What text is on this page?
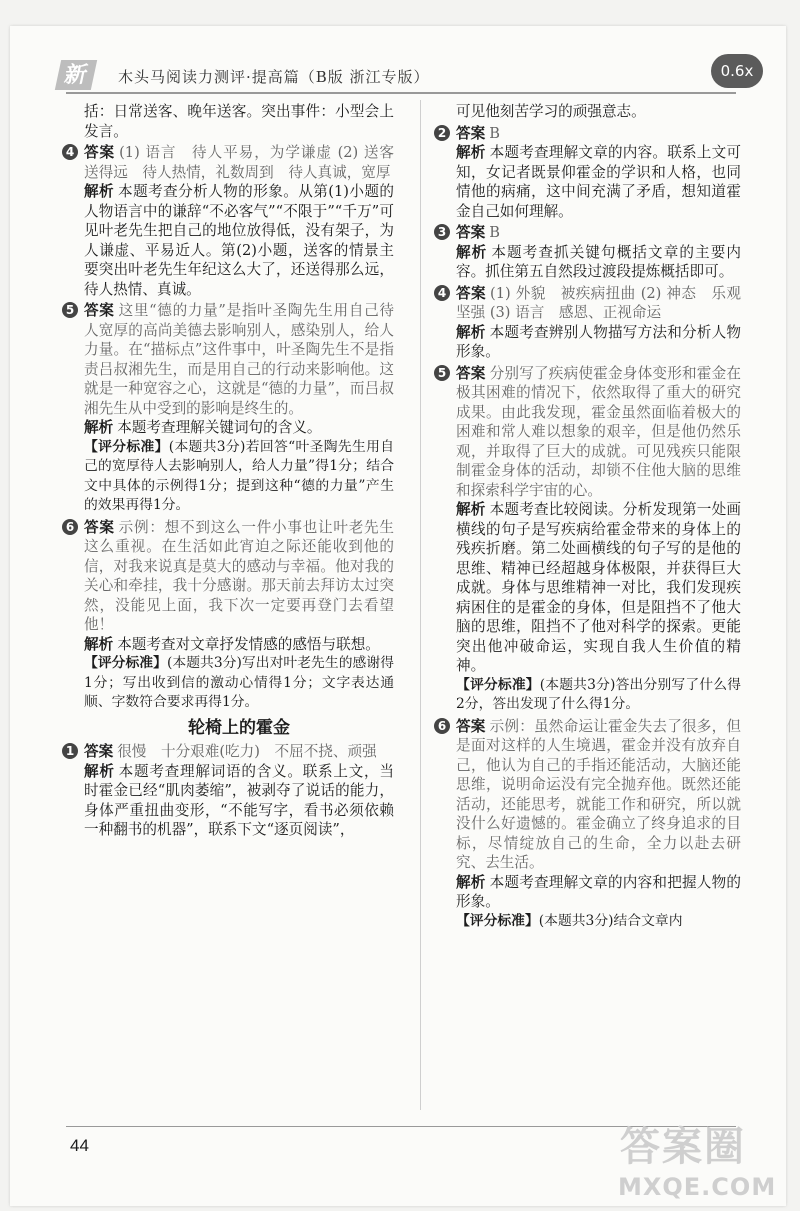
新	木头马阅读力测评·提高篇（B版 浙江专版）	0.6x

括：日常送客、晚年送客。突出事件：小型会上发言。

4 答案 (1) 语言　待人平易，为学谦虚 (2) 送客　送得远　待人热情，礼数周到　待人真诚，宽厚

解析 本题考查分析人物的形象。从第(1)小题的人物语言中的谦辞“不必客气”“不限于”“千万”可见叶老先生把自己的地位放得低，没有架子，为人谦虚、平易近人。第(2)小题，送客的情景主要突出叶老先生年纪这么大了，还送得那么远，待人热情、真诚。

5 答案 这里“德的力量”是指叶圣陶先生用自己待人宽厚的高尚美德去影响别人，感染别人，给人力量。在“描标点”这件事中，叶圣陶先生不是指责吕叔湘先生，而是用自己的行动来影响他。这就是一种宽容之心，这就是“德的力量”，而吕叔湘先生从中受到的影响是终生的。

解析 本题考查理解关键词句的含义。

【评分标准】(本题共3分)若回答“叶圣陶先生用自己的宽厚待人去影响别人，给人力量”得1分；结合文中具体的示例得1分；提到这种“德的力量”产生的效果再得1分。

6 答案 示例：想不到这么一件小事也让叶老先生这么重视。在生活如此宵迫之际还能收到他的信，对我来说真是莫大的感动与幸福。他对我的关心和牵挂，我十分感谢。那天前去拜访太过突然，没能见上面，我下次一定要再登门去看望他！

解析 本题考查对文章抒发情感的感悟与联想。

【评分标准】(本题共3分)写出对叶老先生的感谢得1分；写出收到信的激动心情得1分；文字表达通顺、字数符合要求再得1分。

轮椅上的霍金
1 答案 很慢　十分艰难(吃力)　不屈不挠、顽强

解析 本题考查理解词语的含义。联系上文，当时霍金已经“肌肉萎缩”，被剥夺了说话的能力，身体严重扭曲变形，“不能写字，看书必须依赖一种翻书的机器”，联系下文“逐页阅读”，

可见他刻苦学习的顽强意志。

2 答案 B

解析 本题考查理解文章的内容。联系上文可知，女记者既景仰霍金的学识和人格，也同情他的病痛，这中间充满了矛盾，想知道霍金自己如何理解。

3 答案 B

解析 本题考查抓关键句概括文章的主要内容。抓住第五自然段过渡段提炼概括即可。

4 答案 (1) 外貌　被疾病扭曲 (2) 神态　乐观坚强 (3) 语言　感恩、正视命运

解析 本题考查辨别人物描写方法和分析人物形象。

5 答案 分别写了疾病使霍金身体变形和霍金在极其困难的情况下，依然取得了重大的研究成果。由此我发现，霍金虽然面临着极大的困难和常人难以想象的艰辛，但是他仍然乐观，并取得了巨大的成就。可见残疾只能限制霍金身体的活动，却锁不住他大脑的思维和探索科学宇宙的心。

解析 本题考查比较阅读。分析发现第一处画横线的句子是写疾病给霍金带来的身体上的残疾折磨。第二处画横线的句子写的是他的思维、精神已经超越身体极限，并获得巨大成就。身体与思维精神一对比，我们发现疾病困住的是霍金的身体，但是阻挡不了他大脑的思维，阻挡不了他对科学的探索。更能突出他冲破命运，实现自我人生价值的精神。

【评分标准】(本题共3分)答出分别写了什么得2分，答出发现了什么得1分。

6 答案 示例：虽然命运让霍金失去了很多，但是面对这样的人生境遇，霍金并没有放弃自己，他认为自己的手指还能活动，大脑还能思维，说明命运没有完全抛弃他。既然还能活动，还能思考，就能工作和研究，所以就没什么好遗憾的。霍金确立了终身追求的目标，尽情绽放自己的生命，全力以赴去研究、去生活。

解析 本题考查理解文章的内容和把握人物的形象。

【评分标准】(本题共3分)结合文章内

44	答案圈
MXQE.COM
